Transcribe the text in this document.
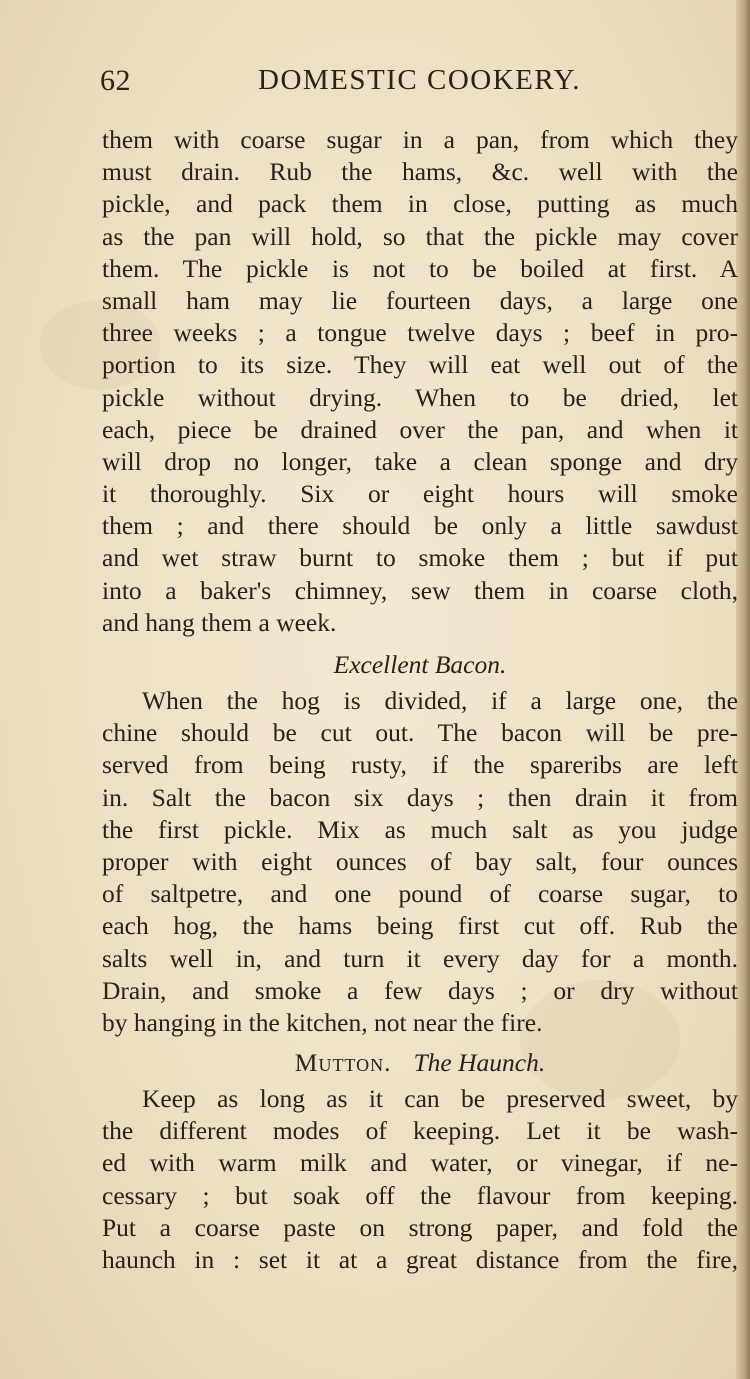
62	DOMESTIC COOKERY.
them with coarse sugar in a pan, from which they
must drain. Rub the hams, &c. well with the
pickle, and pack them in close, putting as much
as the pan will hold, so that the pickle may cover
them. The pickle is not to be boiled at first. A
small ham may lie fourteen days, a large one
three weeks ; a tongue twelve days ; beef in pro-
portion to its size. They will eat well out of the
pickle without drying. When to be dried, let
each, piece be drained over the pan, and when it
will drop no longer, take a clean sponge and dry
it thoroughly. Six or eight hours will smoke
them ; and there should be only a little sawdust
and wet straw burnt to smoke them ; but if put
into a baker's chimney, sew them in coarse cloth,
and hang them a week.
Excellent Bacon.
When the hog is divided, if a large one, the
chine should be cut out. The bacon will be pre-
served from being rusty, if the spareribs are left
in. Salt the bacon six days ; then drain it from
the first pickle. Mix as much salt as you judge
proper with eight ounces of bay salt, four ounces
of saltpetre, and one pound of coarse sugar, to
each hog, the hams being first cut off. Rub the
salts well in, and turn it every day for a month.
Drain, and smoke a few days ; or dry without
by hanging in the kitchen, not near the fire.
Mutton. The Haunch.
Keep as long as it can be preserved sweet, by
the different modes of keeping. Let it be wash-
ed with warm milk and water, or vinegar, if ne-
cessary ; but soak off the flavour from keeping.
Put a coarse paste on strong paper, and fold the
haunch in : set it at a great distance from the fire,
